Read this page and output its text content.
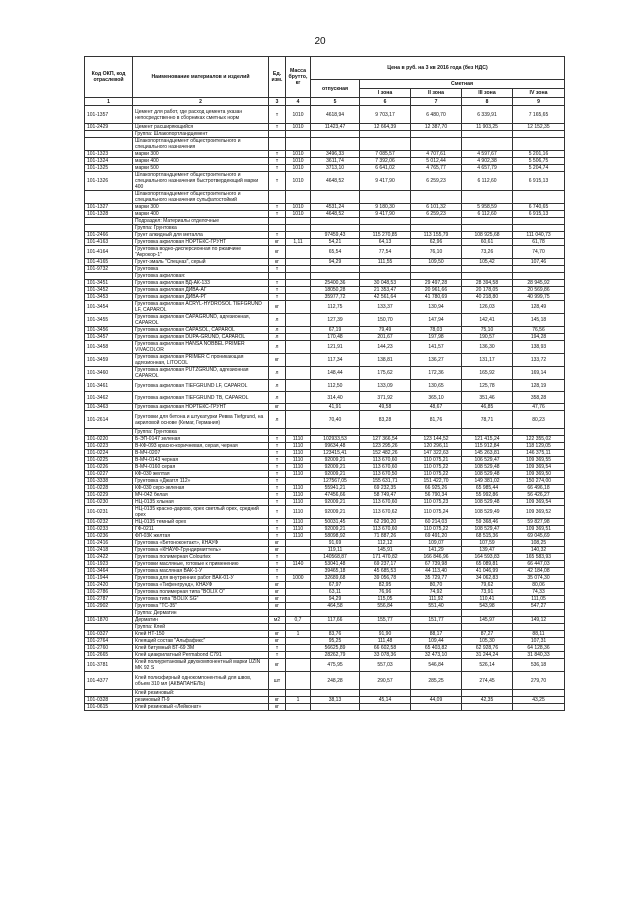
20
Код ОКП, код отраслевой	Наименование материалов и изделий	Ед. изм.	Масса брутто, кг	Цена в руб. на 3 кв 2016 года (без НДС)				
				отпускная	Сметная			
					I зона	II зона	III зона	IV зона
1	2	3	4	5	6	7	8	9
101-1357	Цемент для работ, где расход цемента указан непосредственно в сборниках сметных норм	т	1010	4618,94	9 703,17	6 480,70	6 339,91	7 165,65
101-2429	Цемент расширяющийся	т	1010	11423,47	12 664,39	12 387,70	11 903,25	12 152,35
	Группа: Шлакопортландцемент							
	Шлакопортландцемент общестроительного и специального назначения							
101-1323	марки 300	т	1010	3496,33	7 085,57	4 707,61	4 597,67	5 201,16
101-1324	марки 400	т	1010	3611,74	7 392,06	5 012,44	4 902,38	5 506,75
101-1325	марки 500	т	1010	3713,10	6 641,02	4 765,77	4 657,79	5 204,74
101-1326	Шлакопортландцемент общестроительного и специального назначения быстротвердеющий марки 400	т	1010	4648,52	9 417,90	6 259,23	6 112,60	6 915,13
	Шлакопортландцемент общестроительного и специального назначения сульфатостойкий							
101-1327	марки 300	т	1010	4531,24	9 180,30	6 101,32	5 958,59	6 740,65
101-1328	марки 400	т	1010	4648,52	9 417,90	6 259,23	6 112,60	6 915,13
	Подраздел: Материалы отделочные							
	Группа: Грунтовка							
101-2466	Грунт алкидный для металла	т		97459,43	115 270,85	113 155,79	108 925,68	111 040,73
101-4163	Грунтовка акриловая НОРТЕКС-ГРУНТ	кг	1,11	54,21	64,13	62,96	60,61	61,78
101-4164	Грунтовка водно-дисперсионная по ржавчине "Акрокор-1"	кг		65,54	77,54	76,10	73,26	74,70
101-4165	Грунт-эмаль "Спецназ", серый	кг		94,29	111,55	109,50	105,42	107,46
101-9732	Грунтовка	т						
	Грунтовка акриловая:							
101-3451	Грунтовка акриловая ВД-АК-133	т		25400,36	30 048,53	29 497,28	28 394,58	28 945,92
101-3452	Грунтовка акриловая ДИВА-АГ	т		18050,28	21 353,47	20 961,66	20 178,05	20 569,86
101-3453	Грунтовка акриловая ДИВА-РГ	т		35977,72	42 561,64	41 780,69	40 218,80	40 999,75
101-3454	Грунтовка акриловая ACRYL-HYDROSOL TIEFGRUND LF, CAPAROL	кг		112,75	133,37	130,94	126,03	128,49
101-3455	Грунтовка акриловая CAPAGRUND, адгезионная, CAPAROL	л		127,39	150,70	147,94	142,41	145,18
101-3456	Грунтовка акриловая CAPASOL, CAPAROL	л		67,19	79,49	78,03	75,10	76,56
101-3457	Грунтовка акриловая DUPA-GRUND, CAPAROL	л		170,48	201,67	197,98	190,57	194,28
101-3458	Грунтовка акриловая HANSA NOBBEL PRIMER VIVACOLOR	л		121,91	144,23	141,57	136,30	138,93
101-3459	Грунтовка акриловая PRIMER C проникающая адгезионная, LITOCOL	кг		117,34	138,81	136,27	131,17	133,72
101-3460	Грунтовка акриловая PUTZGRUND, адгезионная CAPAROL	л		148,44	175,62	172,36	165,92	169,14
101-3461	Грунтовка акриловая TIEFGRUND LF, CAPAROL	л		112,50	133,09	130,65	125,78	128,19
101-3462	Грунтовка акриловая TIEFGRUND TB, CAPAROL	л		314,40	371,92	365,10	351,46	358,28
101-3463	Грунтовка акриловая НОРТЕКС-ГРУНТ	кг		41,91	49,58	48,67	46,85	47,76
101-2614	Грунтовки для бетона и штукатурки Ревва Tiefgrund, на акриловой основе (Кемаг, Германия)	л		70,40	83,28	81,76	78,71	80,23
	Группа: Грунтовка							
101-0220	Б-ЭП-0147 зеленая	т	1110	102933,53	127 366,54	123 144,52	121 415,24	122 355,02
101-0223	В-КФ-093 красно-коричневая, серая, черная	т	1110	99634,48	123 295,26	120 296,11	115 912,84	118 129,05
101-0224	В-МЧ-0207	т	1110	123415,41	152 482,26	147 322,63	145 263,81	146 375,11
101-0225	В-МЧ-0143 черная	т	1110	92009,21	113 670,60	110 075,21	106 529,47	109 369,55
101-0226	В-МЧ-0160 серая	т	1110	92009,21	113 670,60	110 075,22	108 529,48	109 369,54
101-0227	КФ-030 желтая	т	1110	92009,21	113 670,50	110 075,22	108 529,48	109 369,50
101-3338	Грунтовка «Джаггл 112»	т		127567,05	155 631,71	151 422,70	149 381,02	150 274,00
101-0228	КФ-030 серо-зеленая	т	1110	55941,21	69 232,35	66 925,26	65 985,44	66 496,18
101-0229	МЧ-042 белая	т	1110	47456,66	58 749,47	56 790,34	55 992,86	56 426,27
101-0230	НЦ-0135 хлыная	т	1110	92009,21	113 670,60	110 075,23	108 529,48	109 369,54
101-0231	НЦ-0135 красно-дарово, орех светлый орех, средний орех	т	1110	92009,21	113 670,62	110 075,24	108 529,49	109 369,52
101-0232	НЦ-0135 темный орех	т	1110	50031,45	62 290,20	60 214,03	59 368,46	59 827,98
101-0233	ГФ-0211	т	1110	92009,21	113 670,60	110 075,22	108 529,47	109 369,51
101-0236	ФЛ-03К желтая	т	1110	58098,92	71 887,26	69 491,20	68 515,36	69 045,69
101-2416	Грунтовка «Бетоноконтакт», КНАУФ	кг		91,69	112,12	109,07	107,59	108,25
101-2418	Грунтовка «КНАУФ-Грундирмиттель»	кг		119,11	145,91	141,29	139,47	140,32
101-2422	Грунтовка полимерная Colourtex	т		140568,87	171 470,82	166 846,96	164 593,83	165 583,93
101-1923	Грунтовки масляные, готовые к применению	т	1140	53041,48	69 237,17	67 739,98	65 089,81	66 447,03
101-3464	Грунтовка масляная ВАК-1-У	т		39465,18	45 685,53	44 113,40	41 046,99	42 184,08
101-1944	Грунтовка для внутренних работ ВАК-01-У	т	1000	32689,68	39 056,78	35 729,77	34 062,83	35 074,30
101-2420	Грунтовка «Тифенгрунд», КНАУФ	кг		67,97	82,95	80,70	79,62	80,06
101-2786	Грунтовка полимерная типа "BOLIX O"	кг		63,11	76,96	74,92	73,91	74,33
101-2787	Грунтовка типа "BOLIX SG"	кг		94,29	115,05	111,92	110,41	111,05
101-2902	Грунтовка "ТС-35"	кг		464,58	556,84	551,40	543,98	547,27
	Группа: Дерматин							
101-1870	Дерматин	м2	0,7	117,66	155,77	151,77	145,97	149,12
	Группа: Клей							
101-0327	Клей НТ-150	кг	1	83,76	91,90	88,17	87,27	88,11
101-2764	Клеящий состав "Альфафикс"	кг		95,25	111,48	109,44	105,30	107,31
101-2760	Клей битумный БТ-69 ЗМ	т		56625,89	66 602,58	65 403,82	62 928,76	64 128,36
101-2665	Клей циакрилатный Permabond C791	т		28262,79	33 078,36	32 473,10	31 244,24	31 840,33
101-3781	Клей полиуретановый двухкомпонентный марки UZIN MK 92 S	кг		475,95	557,03	546,84	526,14	536,18
101-4377	Клей полиэфирный однокомпонентный для швов, объем 310 мл (АКВАПАНЕЛЬ)	шт		248,28	290,57	285,25	274,45	279,70
	Клей резиновый:							
101-0328	резиновый П-9	кг	1	38,13	45,14	44,09	42,35	43,25
101-0615	Клей резиновый «Лейконат»	кг						
